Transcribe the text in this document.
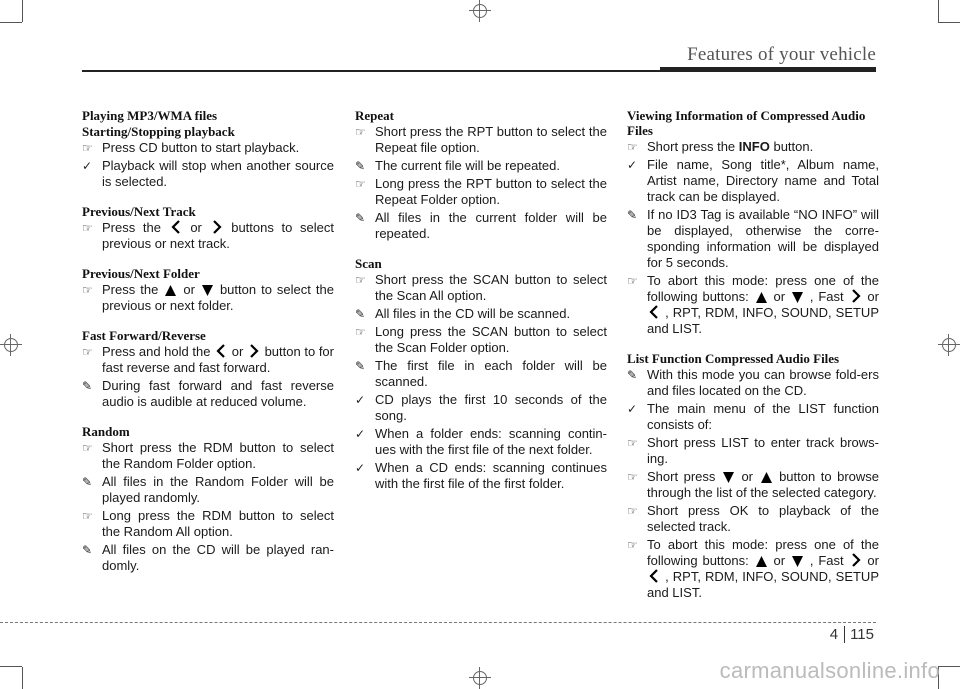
Features of your vehicle
Playing MP3/WMA files
Starting/Stopping playback
☞ Press CD button to start playback.
✓ Playback will stop when another source is selected.
Previous/Next Track
☞ Press the or buttons to select previous or next track.
Previous/Next Folder
☞ Press the or button to select the previous or next folder.
Fast Forward/Reverse
☞ Press and hold the or button to for fast reverse and fast forward.
✎ During fast forward and fast reverse audio is audible at reduced volume.
Random
☞ Short press the RDM button to select the Random Folder option.
✎ All files in the Random Folder will be played randomly.
☞ Long press the RDM button to select the Random All option.
✎ All files on the CD will be played ran-domly.
Repeat
☞ Short press the RPT button to select the Repeat file option.
✎ The current file will be repeated.
☞ Long press the RPT button to select the Repeat Folder option.
✎ All files in the current folder will be repeated.
Scan
☞ Short press the SCAN button to select the Scan All option.
✎ All files in the CD will be scanned.
☞ Long press the SCAN button to select the Scan Folder option.
✎ The first file in each folder will be scanned.
✓ CD plays the first 10 seconds of the song.
✓ When a folder ends: scanning contin-ues with the first file of the next folder.
✓ When a CD ends: scanning continues with the first file of the first folder.
Viewing Information of Compressed Audio Files
☞ Short press the INFO button.
✓ File name, Song title*, Album name, Artist name, Directory name and Total track can be displayed.
✎ If no ID3 Tag is available “NO INFO” will be displayed, otherwise the corre-sponding information will be displayed for 5 seconds.
☞ To abort this mode: press one of the following buttons: or , Fast or  , RPT, RDM, INFO, SOUND, SETUP and LIST.
List Function Compressed Audio Files
✎ With this mode you can browse fold-ers and files located on the CD.
✓ The main menu of the LIST function consists of:
☞ Short press LIST to enter track brows-ing.
☞ Short press or button to browse through the list of the selected category.
☞ Short press OK to playback of the selected track.
☞ To abort this mode: press one of the following buttons: or , Fast or  , RPT, RDM, INFO, SOUND, SETUP and LIST.
4 115
carmanualsonline.info
